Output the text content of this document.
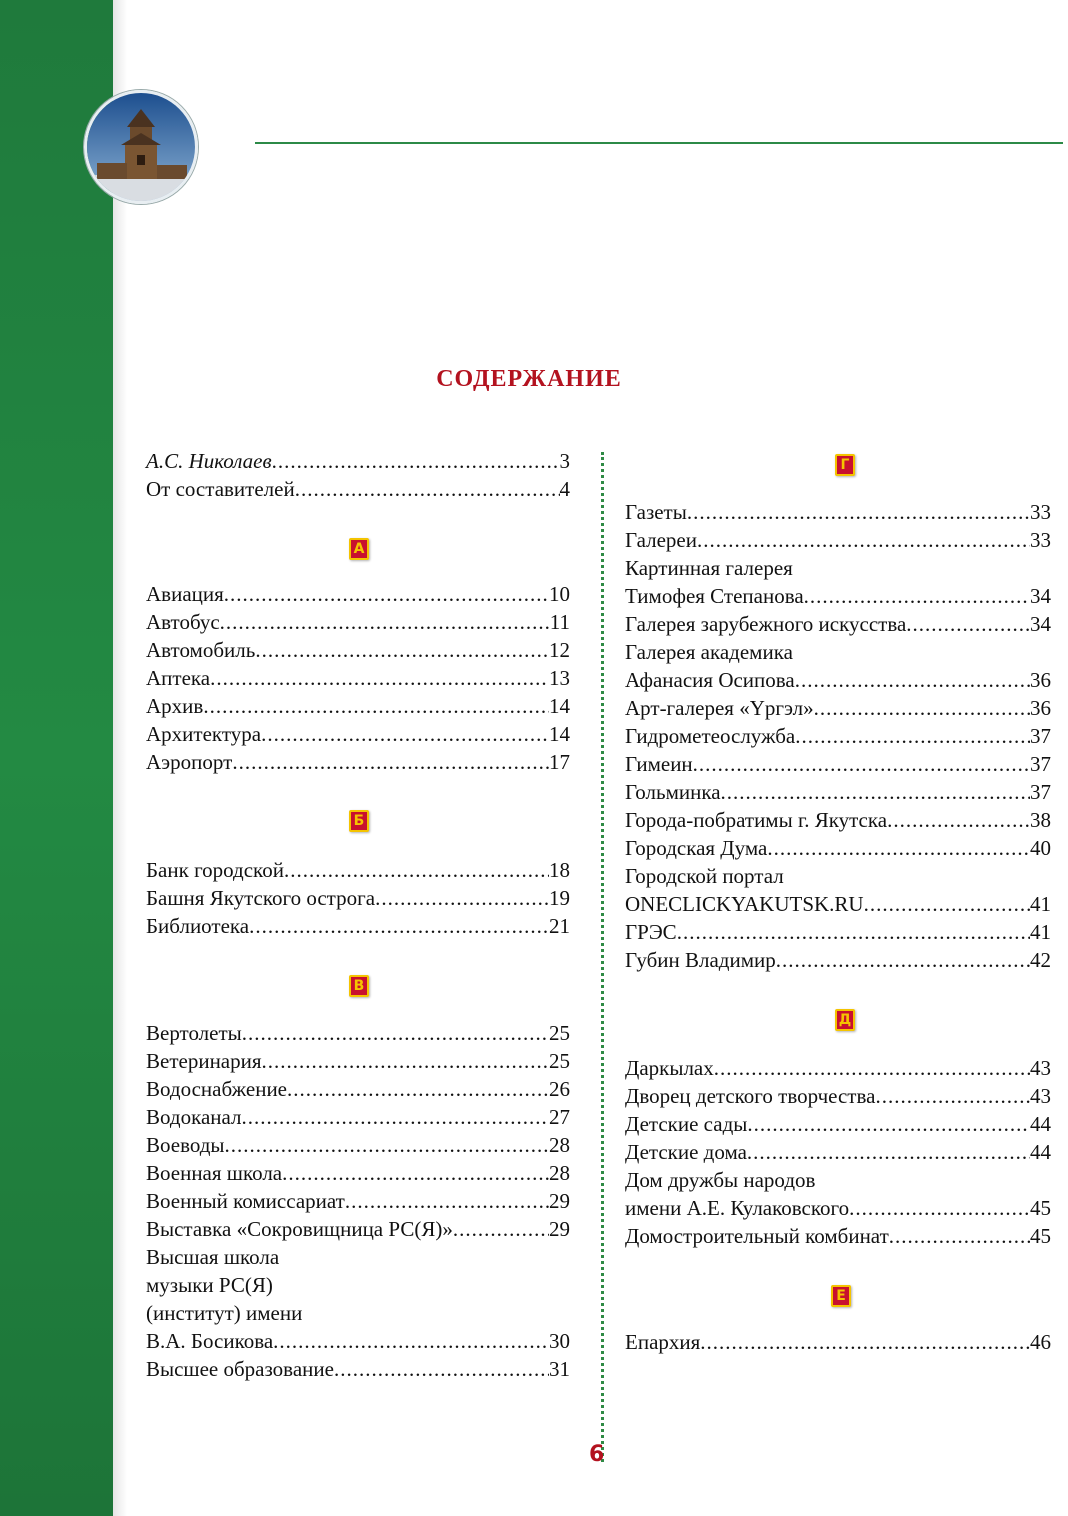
СОДЕРЖАНИЕ
А.С. Николаев .....	3
От составителей .....	4
А
Авиация .....	10
Автобус .....	11
Автомобиль .....	12
Аптека .....	13
Архив .....	14
Архитектура .....	14
Аэропорт .....	17
Б
Банк городской .....	18
Башня Якутского острога .....	19
Библиотека .....	21
В
Вертолеты .....	25
Ветеринария .....	25
Водоснабжение .....	26
Водоканал .....	27
Воеводы .....	28
Военная школа .....	28
Военный комиссариат .....	29
Выставка «Сокровищница РС(Я)» .....	29
Высшая школа
музыки РС(Я)
(институт) имени
В.А. Босикова .....	30
Высшее образование .....	31
Г
Газеты .....	33
Галереи .....	33
Картинная галерея
Тимофея Степанова .....	34
Галерея зарубежного искусства .....	34
Галерея академика
Афанасия Осипова .....	36
Арт-галерея «Үргэл» .....	36
Гидрометеослужба .....	37
Гимеин .....	37
Гольминка .....	37
Города-побратимы г. Якутска .....	38
Городская Дума .....	40
Городской портал
ONECLICKYAKUTSK.RU .....	41
ГРЭС .....	41
Губин Владимир .....	42
Д
Даркылах .....	43
Дворец детского творчества .....	43
Детские сады .....	44
Детские дома .....	44
Дом дружбы народов
имени А.Е. Кулаковского .....	45
Домостроительный комбинат .....	45
Е
Епархия .....	46
6
